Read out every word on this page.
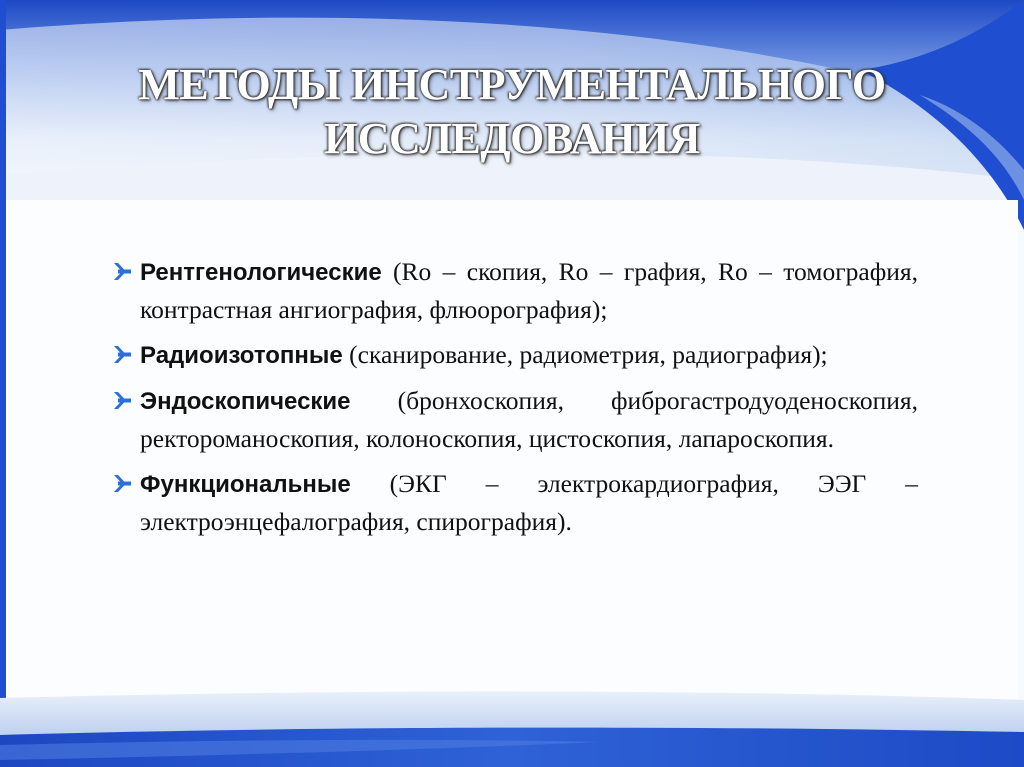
МЕТОДЫ ИНСТРУМЕНТАЛЬНОГО
ИССЛЕДОВАНИЯ
Рентгенологические (Ro – скопия, Ro – графия, Ro – томография, контрастная ангиография, флюорография);
Радиоизотопные (сканирование, радиометрия, радиография);
Эндоскопические (бронхоскопия, фиброгастродуоденоскопия, ректороманоскопия, колоноскопия, цистоскопия, лапароскопия.
Функциональные (ЭКГ – электрокардиография, ЭЭГ – электроэнцефалография, спирография).
